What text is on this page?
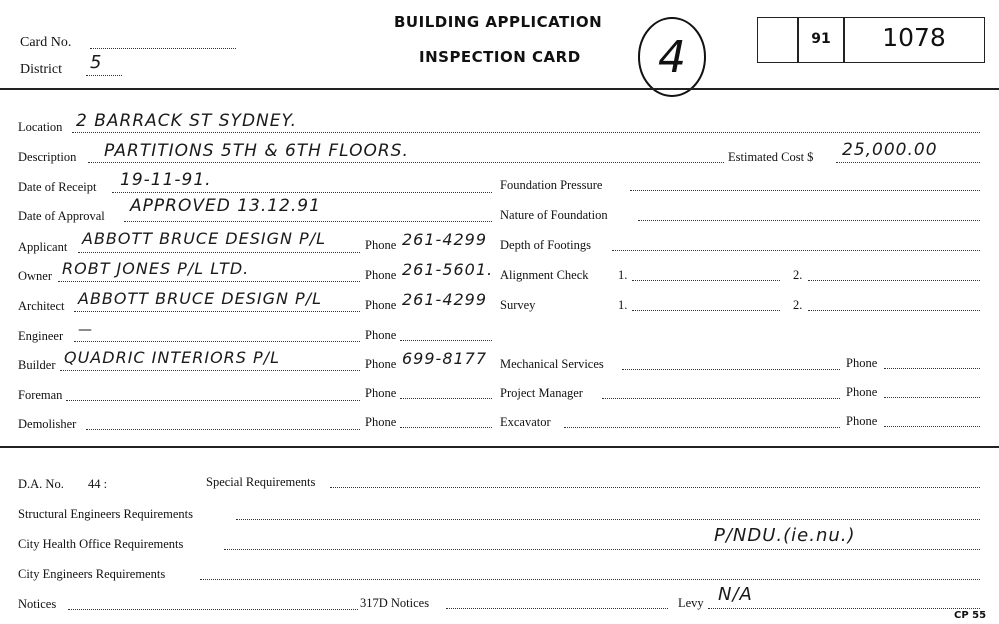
Card No.
District 5
BUILDING APPLICATION
INSPECTION CARD 4	91	1078
Location 2 BARRACK ST SYDNEY.
Description PARTITIONS 5TH & 6TH FLOORS.	Estimated Cost $ 25,000.00
Date of Receipt 19-11-91.	Foundation Pressure
Date of Approval APPROVED 13.12.91	Nature of Foundation
Applicant ABBOTT BRUCE DESIGN P/L	Phone 261-4299 Depth of Footings
Owner ROBT JONES P/L LTD.	Phone 261-5601. Alignment Check 1.	2.
Architect ABBOTT BRUCE DESIGN P/L	Phone 261-4299 Survey	1.	2.
Engineer —	Phone
Builder QUADRIC INTERIORS P/L	Phone 699-8177 Mechanical Services	Phone
Foreman	Phone	Project Manager	Phone
Demolisher	Phone	Excavator	Phone
D.A. No. 44 :	Special Requirements
Structural Engineers Requirements
City Health Office Requirements	P/NDU.(ie.nu.)
City Engineers Requirements
Notices	317D Notices	Levy N/A
CP 55
